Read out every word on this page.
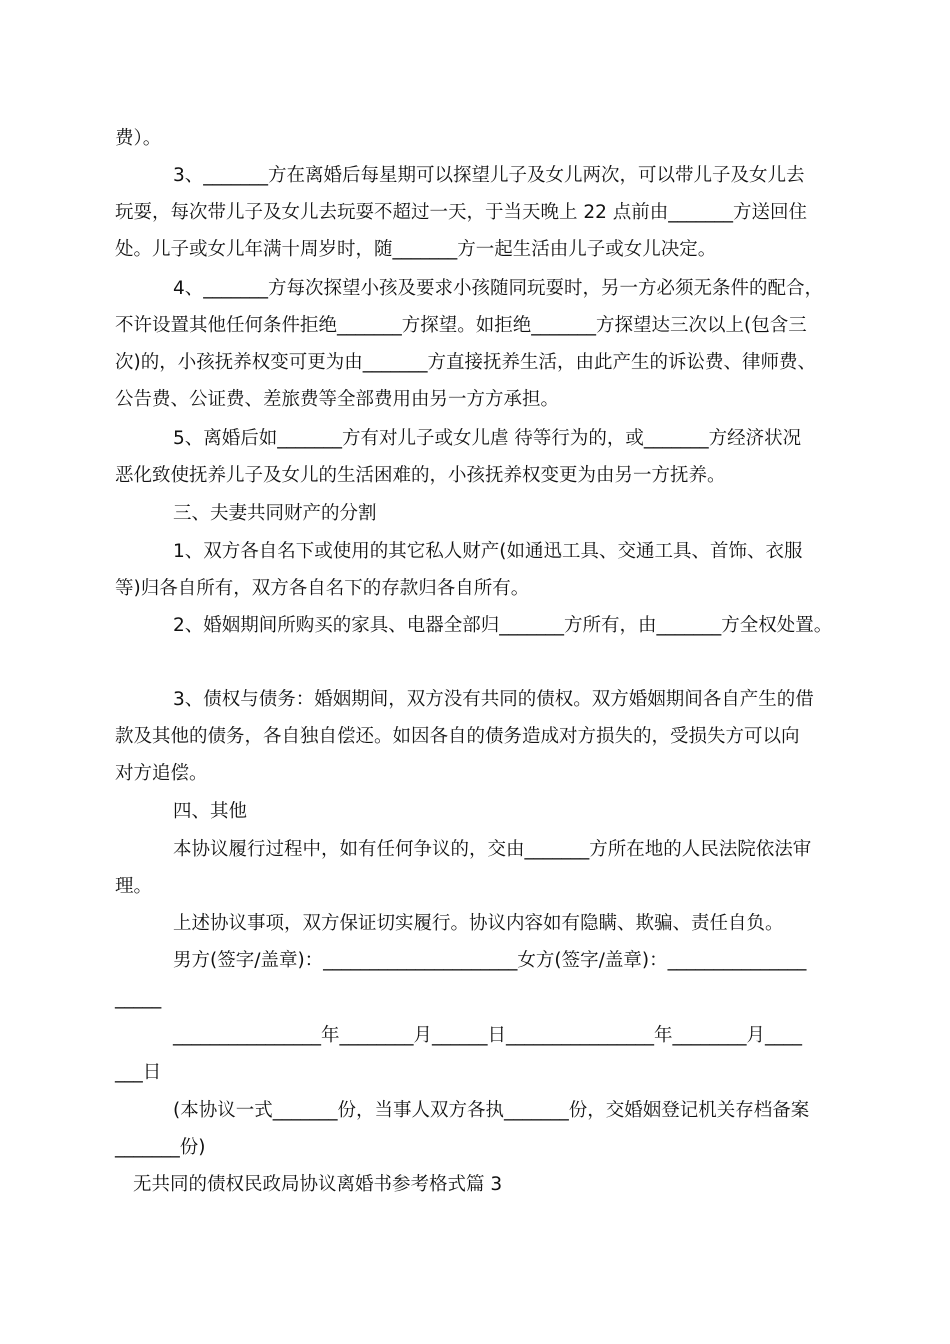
费）。
3、_______方在离婚后每星期可以探望儿子及女儿两次，可以带儿子及女儿去
玩耍，每次带儿子及女儿去玩耍不超过一天，于当天晚上 22 点前由_______方送回住
处。儿子或女儿年满十周岁时，随_______方一起生活由儿子或女儿决定。
4、_______方每次探望小孩及要求小孩随同玩耍时，另一方必须无条件的配合，
不许设置其他任何条件拒绝_______方探望。如拒绝_______方探望达三次以上(包含三
次)的，小孩抚养权变可更为由_______方直接抚养生活，由此产生的诉讼费、律师费、
公告费、公证费、差旅费等全部费用由另一方方承担。
5、离婚后如_______方有对儿子或女儿虐 待等行为的，或_______方经济状况
恶化致使抚养儿子及女儿的生活困难的，小孩抚养权变更为由另一方抚养。
三、夫妻共同财产的分割
1、双方各自名下或使用的其它私人财产(如通迅工具、交通工具、首饰、衣服
等)归各自所有，双方各自名下的存款归各自所有。
2、婚姻期间所购买的家具、电器全部归_______方所有，由_______方全权处置。
3、债权与债务：婚姻期间，双方没有共同的债权。双方婚姻期间各自产生的借
款及其他的债务，各自独自偿还。如因各自的债务造成对方损失的，受损失方可以向
对方追偿。
四、其他
本协议履行过程中，如有任何争议的，交由_______方所在地的人民法院依法审
理。
上述协议事项，双方保证切实履行。协议内容如有隐瞒、欺骗、责任自负。
男方(签字/盖章)：_____________________女方(签字/盖章)：_______________
_____
________________年________月______日________________年________月____
___日
(本协议一式_______份，当事人双方各执_______份，交婚姻登记机关存档备案
_______份)
无共同的债权民政局协议离婚书参考格式篇 3
